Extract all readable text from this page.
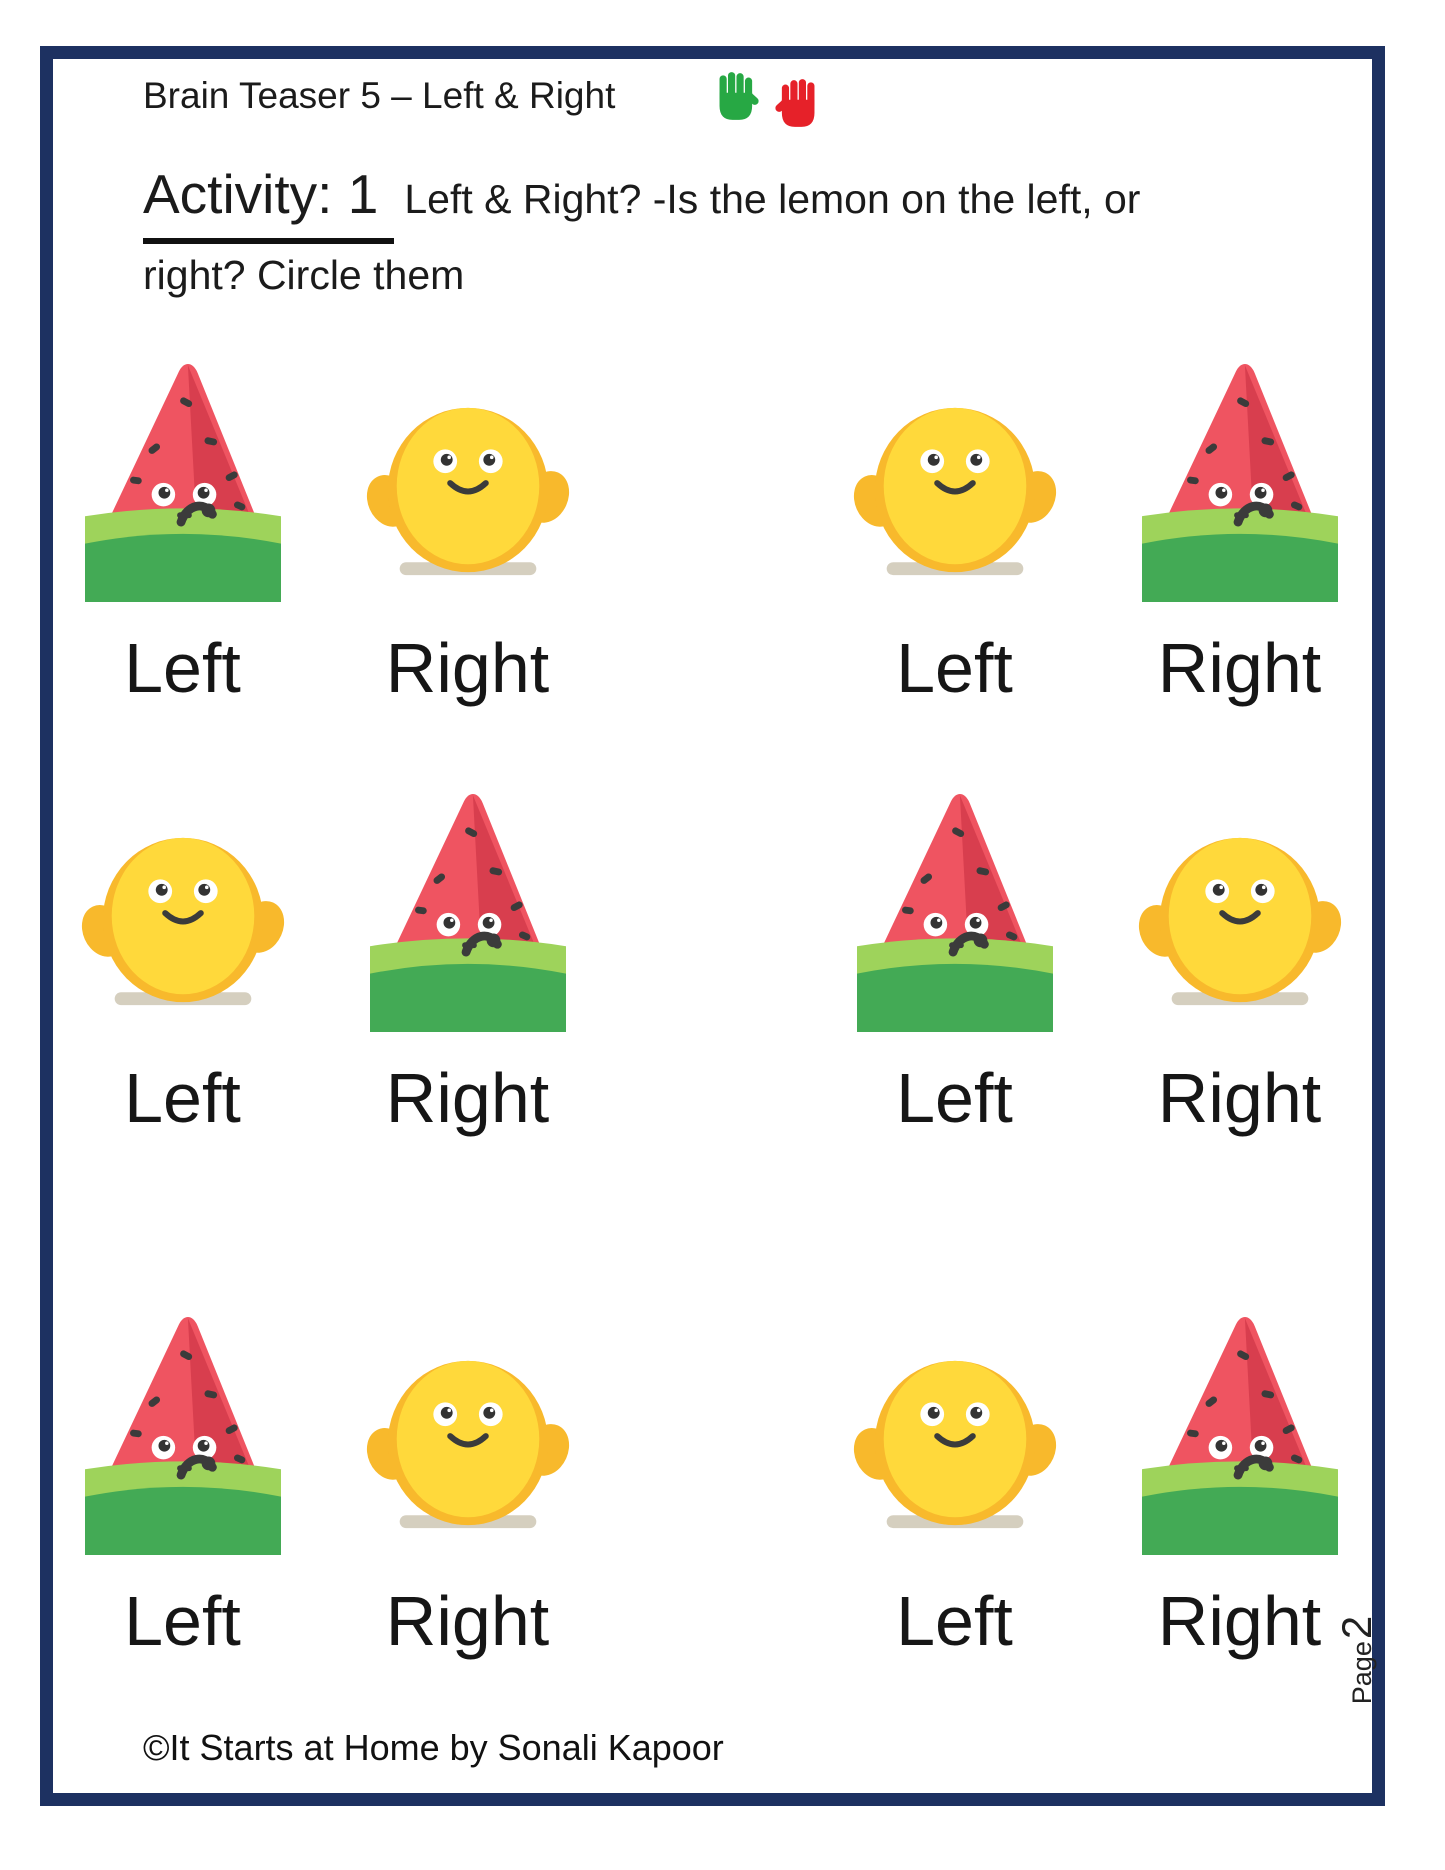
Brain Teaser 5 – Left & Right
Activity: 1 Left & Right? -Is the lemon on the left, or
right? Circle them
Left	Right	Left	Right
Left	Right	Left	Right
Left	Right	Left	Right
Page
2
©It Starts at Home by Sonali Kapoor
